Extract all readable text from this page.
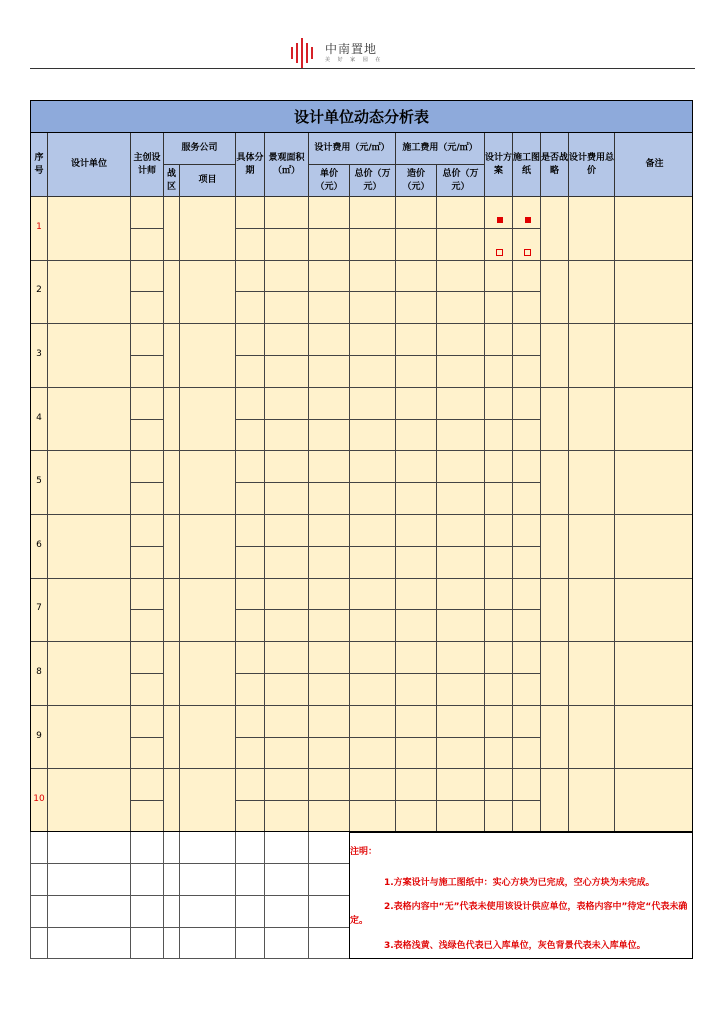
中南置地
美 好 家 园 在
设计单位动态分析表
序号
设计单位
主创设计师
服务公司
战区
项目
具体分期
景观面积（㎡）
设计费用（元/㎡）
单价（元）
总价（万元）
施工费用（元/㎡）
造价（元）
总价（万元）
设计方案
施工图纸
是否战略
设计费用总价
备注
1
2
3
4
5
6
7
8
9
10
注明：
1.方案设计与施工图纸中：实心方块为已完成，空心方块为未完成。
2.表格内容中“无”代表未使用该设计供应单位，表格内容中”待定“代表未确定。
3.表格浅黄、浅绿色代表已入库单位，灰色背景代表未入库单位。
